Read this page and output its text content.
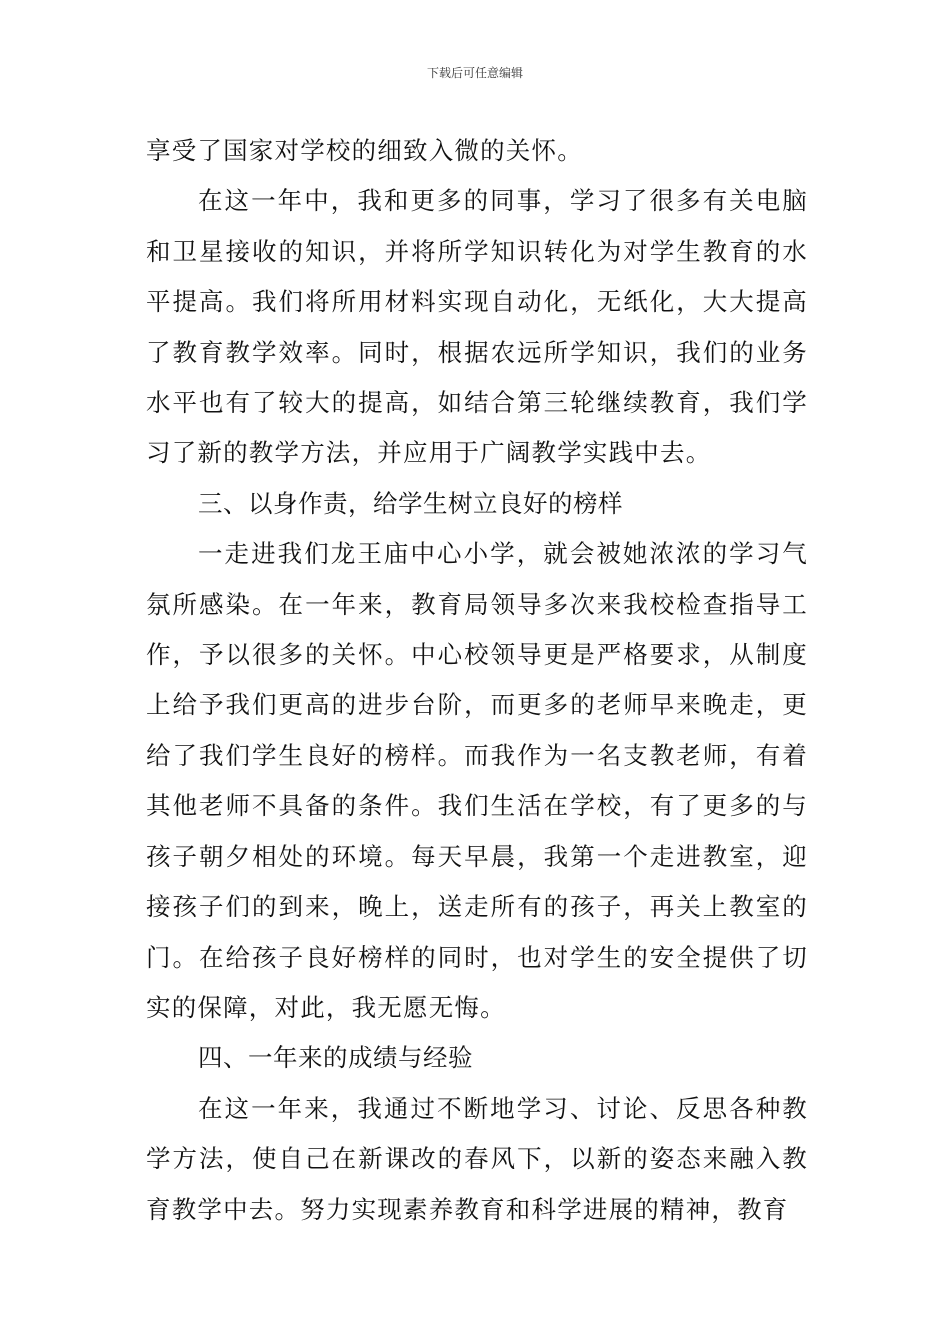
下载后可任意编辑

享受了国家对学校的细致入微的关怀。

在这一年中，我和更多的同事，学习了很多有关电脑和卫星接收的知识，并将所学知识转化为对学生教育的水平提高。我们将所用材料实现自动化，无纸化，大大提高了教育教学效率。同时，根据农远所学知识，我们的业务水平也有了较大的提高，如结合第三轮继续教育，我们学习了新的教学方法，并应用于广阔教学实践中去。

三、以身作责，给学生树立良好的榜样

一走进我们龙王庙中心小学，就会被她浓浓的学习气氛所感染。在一年来，教育局领导多次来我校检查指导工作，予以很多的关怀。中心校领导更是严格要求，从制度上给予我们更高的进步台阶，而更多的老师早来晚走，更给了我们学生良好的榜样。而我作为一名支教老师，有着其他老师不具备的条件。我们生活在学校，有了更多的与孩子朝夕相处的环境。每天早晨，我第一个走进教室，迎接孩子们的到来，晚上，送走所有的孩子，再关上教室的门。在给孩子良好榜样的同时，也对学生的安全提供了切实的保障，对此，我无愿无悔。

四、一年来的成绩与经验

在这一年来，我通过不断地学习、讨论、反思各种教学方法，使自己在新课改的春风下，以新的姿态来融入教育教学中去。努力实现素养教育和科学进展的精神，教育
